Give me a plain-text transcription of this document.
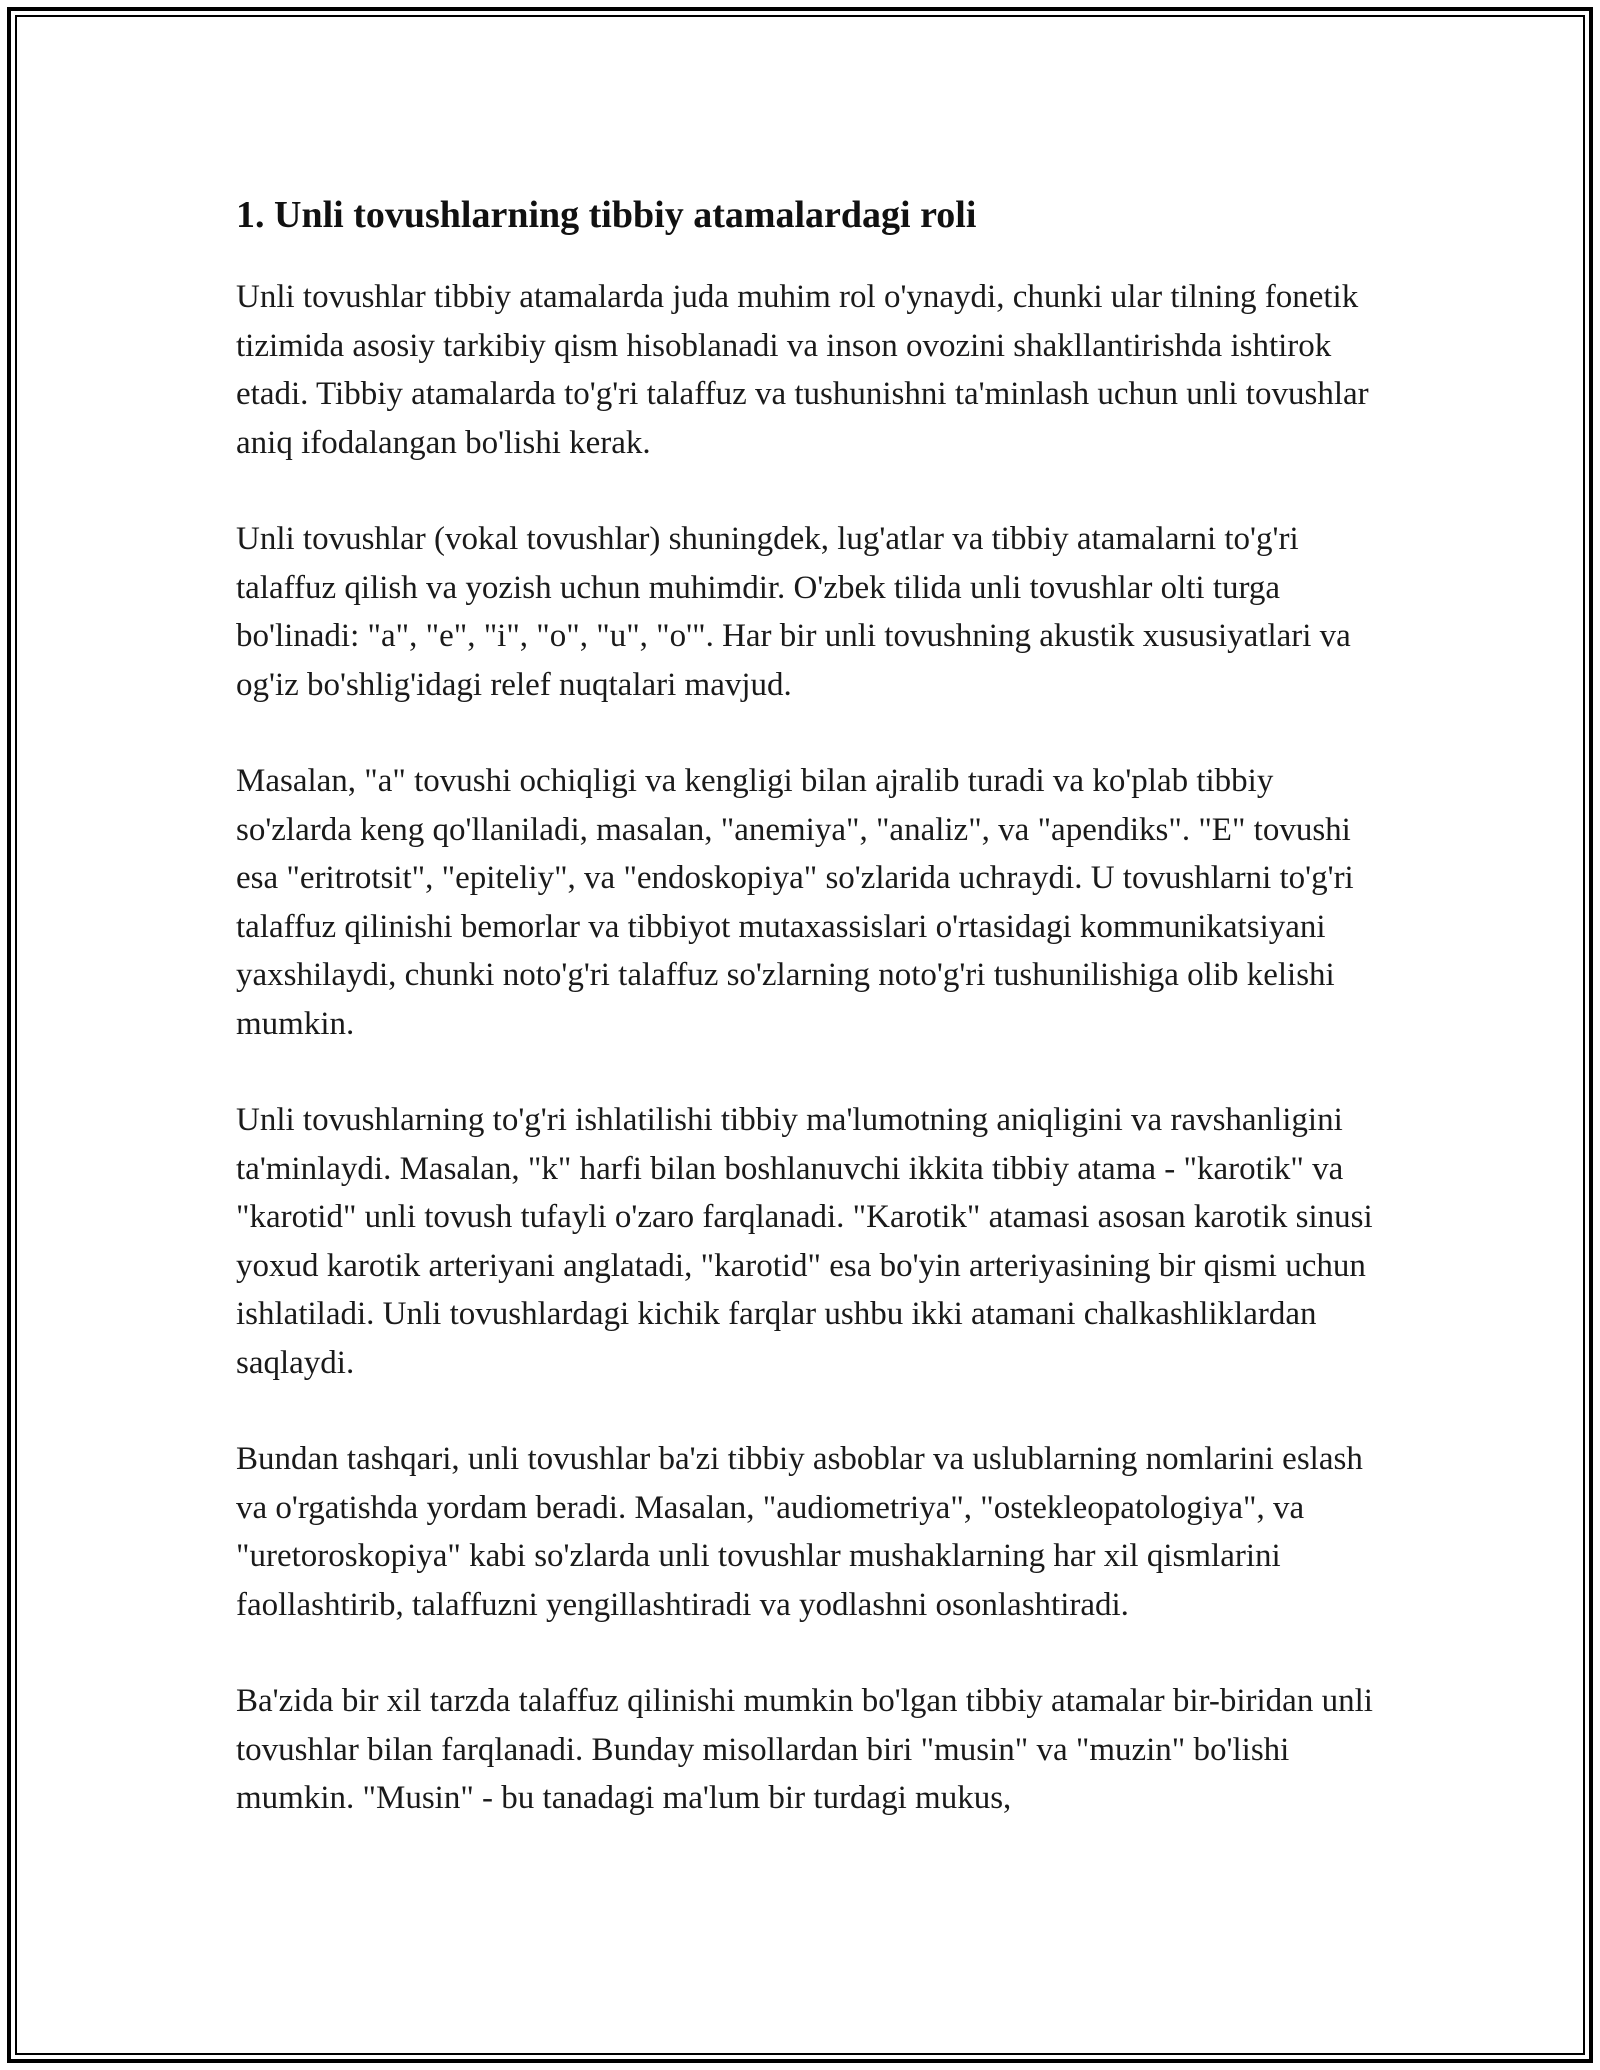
1. Unli tovushlarning tibbiy atamalardagi roli

Unli tovushlar tibbiy atamalarda juda muhim rol o'ynaydi, chunki ular tilning fonetik tizimida asosiy tarkibiy qism hisoblanadi va inson ovozini shakllantirishda ishtirok etadi. Tibbiy atamalarda to'g'ri talaffuz va tushunishni ta'minlash uchun unli tovushlar aniq ifodalangan bo'lishi kerak.

Unli tovushlar (vokal tovushlar) shuningdek, lug'atlar va tibbiy atamalarni to'g'ri talaffuz qilish va yozish uchun muhimdir. O'zbek tilida unli tovushlar olti turga bo'linadi: "a", "e", "i", "o", "u", "o'". Har bir unli tovushning akustik xususiyatlari va og'iz bo'shlig'idagi relef nuqtalari mavjud.

Masalan, "a" tovushi ochiqligi va kengligi bilan ajralib turadi va ko'plab tibbiy so'zlarda keng qo'llaniladi, masalan, "anemiya", "analiz", va "apendiks". "E" tovushi esa "eritrotsit", "epiteliy", va "endoskopiya" so'zlarida uchraydi. U tovushlarni to'g'ri talaffuz qilinishi bemorlar va tibbiyot mutaxassislari o'rtasidagi kommunikatsiyani yaxshilaydi, chunki noto'g'ri talaffuz so'zlarning noto'g'ri tushunilishiga olib kelishi mumkin.

Unli tovushlarning to'g'ri ishlatilishi tibbiy ma'lumotning aniqligini va ravshanligini ta'minlaydi. Masalan, "k" harfi bilan boshlanuvchi ikkita tibbiy atama - "karotik" va "karotid" unli tovush tufayli o'zaro farqlanadi. "Karotik" atamasi asosan karotik sinusi yoxud karotik arteriyani anglatadi, "karotid" esa bo'yin arteriyasining bir qismi uchun ishlatiladi. Unli tovushlardagi kichik farqlar ushbu ikki atamani chalkashliklardan saqlaydi.

Bundan tashqari, unli tovushlar ba'zi tibbiy asboblar va uslublarning nomlarini eslash va o'rgatishda yordam beradi. Masalan, "audiometriya", "ostekleopatologiya", va "uretoroskopiya" kabi so'zlarda unli tovushlar mushaklarning har xil qismlarini faollashtirib, talaffuzni yengillashtiradi va yodlashni osonlashtiradi.

Ba'zida bir xil tarzda talaffuz qilinishi mumkin bo'lgan tibbiy atamalar bir-biridan unli tovushlar bilan farqlanadi. Bunday misollardan biri "musin" va "muzin" bo'lishi mumkin. "Musin" - bu tanadagi ma'lum bir turdagi mukus,
